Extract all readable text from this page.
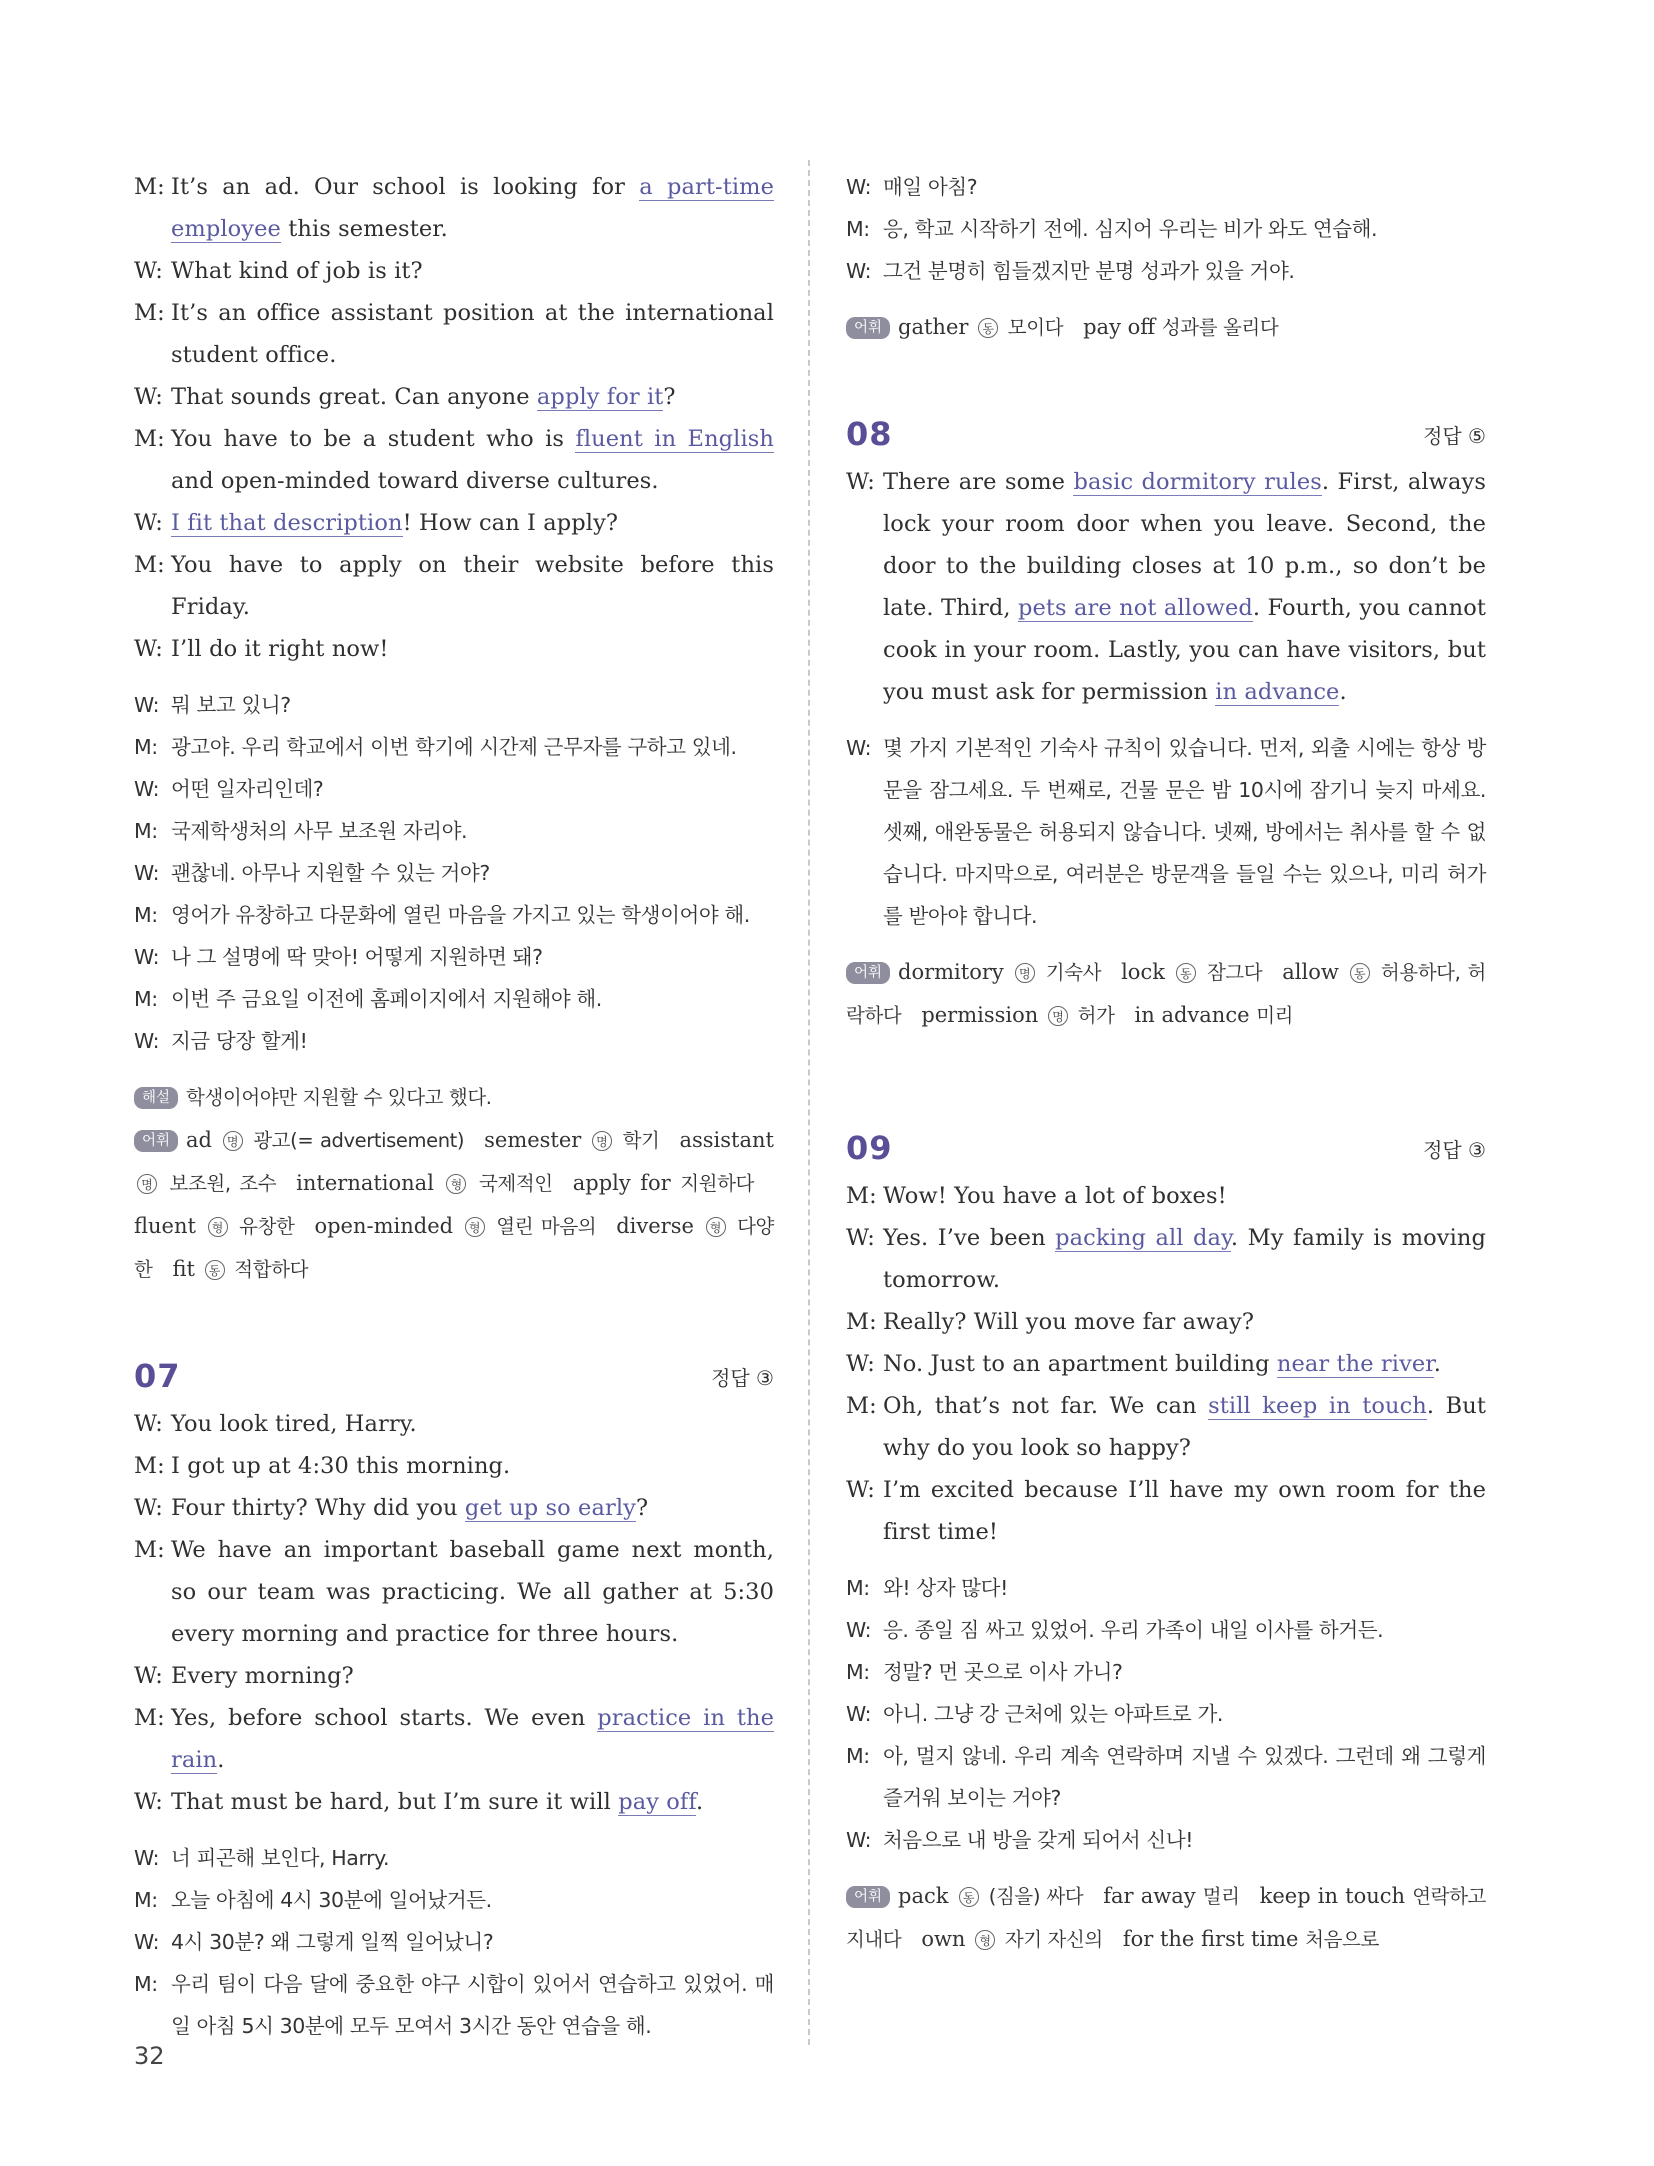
M: It’s an ad. Our school is looking for a part-time employee this semester.
W: What kind of job is it?
M: It’s an office assistant position at the international student office.
W: That sounds great. Can anyone apply for it?
M: You have to be a student who is fluent in English and open-minded toward diverse cultures.
W: I fit that description! How can I apply?
M: You have to apply on their website before this Friday.
W: I’ll do it right now!
W: 뭐 보고 있니?
M: 광고야. 우리 학교에서 이번 학기에 시간제 근무자를 구하고 있네.
W: 어떤 일자리인데?
M: 국제학생처의 사무 보조원 자리야.
W: 괜찮네. 아무나 지원할 수 있는 거야?
M: 영어가 유창하고 다문화에 열린 마음을 가지고 있는 학생이어야 해.
W: 나 그 설명에 딱 맞아! 어떻게 지원하면 돼?
M: 이번 주 금요일 이전에 홈페이지에서 지원해야 해.
W: 지금 당장 할게!
해설 학생이어야만 지원할 수 있다고 했다.
어휘 ad 명 광고(= advertisement) semester 명 학기 assistant 명 보조원, 조수 international 형 국제적인 apply for 지원하다fluent 형 유창한 open-minded 형 열린 마음의 diverse 형 다양한 fit 동 적합하다
07	정답 ③
W: You look tired, Harry.
M: I got up at 4:30 this morning.
W: Four thirty? Why did you get up so early?
M: We have an important baseball game next month, so our team was practicing. We all gather at 5:30 every morning and practice for three hours.
W: Every morning?
M: Yes, before school starts. We even practice in the rain.
W: That must be hard, but I’m sure it will pay off.
W: 너 피곤해 보인다, Harry.
M: 오늘 아침에 4시 30분에 일어났거든.
W: 4시 30분? 왜 그렇게 일찍 일어났니?
M: 우리 팀이 다음 달에 중요한 야구 시합이 있어서 연습하고 있었어. 매일 아침 5시 30분에 모두 모여서 3시간 동안 연습을 해.
W: 매일 아침?
M: 응, 학교 시작하기 전에. 심지어 우리는 비가 와도 연습해.
W: 그건 분명히 힘들겠지만 분명 성과가 있을 거야.
어휘 gather 동 모이다 pay off 성과를 올리다
08	정답 ⑤
W: There are some basic dormitory rules. First, always lock your room door when you leave. Second, the door to the building closes at 10 p.m., so don’t be late. Third, pets are not allowed. Fourth, you cannot cook in your room. Lastly, you can have visitors, but you must ask for permission in advance.
W: 몇 가지 기본적인 기숙사 규칙이 있습니다. 먼저, 외출 시에는 항상 방문을 잠그세요. 두 번째로, 건물 문은 밤 10시에 잠기니 늦지 마세요. 셋째, 애완동물은 허용되지 않습니다. 넷째, 방에서는 취사를 할 수 없습니다. 마지막으로, 여러분은 방문객을 들일 수는 있으나, 미리 허가를 받아야 합니다.
어휘 dormitory 명 기숙사 lock 동 잠그다 allow 동 허용하다, 허락하다 permission 명 허가 in advance 미리
09	정답 ③
M: Wow! You have a lot of boxes!
W: Yes. I’ve been packing all day. My family is moving tomorrow.
M: Really? Will you move far away?
W: No. Just to an apartment building near the river.
M: Oh, that’s not far. We can still keep in touch. But why do you look so happy?
W: I’m excited because I’ll have my own room for the first time!
M: 와! 상자 많다!
W: 응. 종일 짐 싸고 있었어. 우리 가족이 내일 이사를 하거든.
M: 정말? 먼 곳으로 이사 가니?
W: 아니. 그냥 강 근처에 있는 아파트로 가.
M: 아, 멀지 않네. 우리 계속 연락하며 지낼 수 있겠다. 그런데 왜 그렇게 즐거워 보이는 거야?
W: 처음으로 내 방을 갖게 되어서 신나!
어휘 pack 동 (짐을) 싸다 far away 멀리 keep in touch 연락하고 지내다 own 형 자기 자신의 for the first time 처음으로
32
